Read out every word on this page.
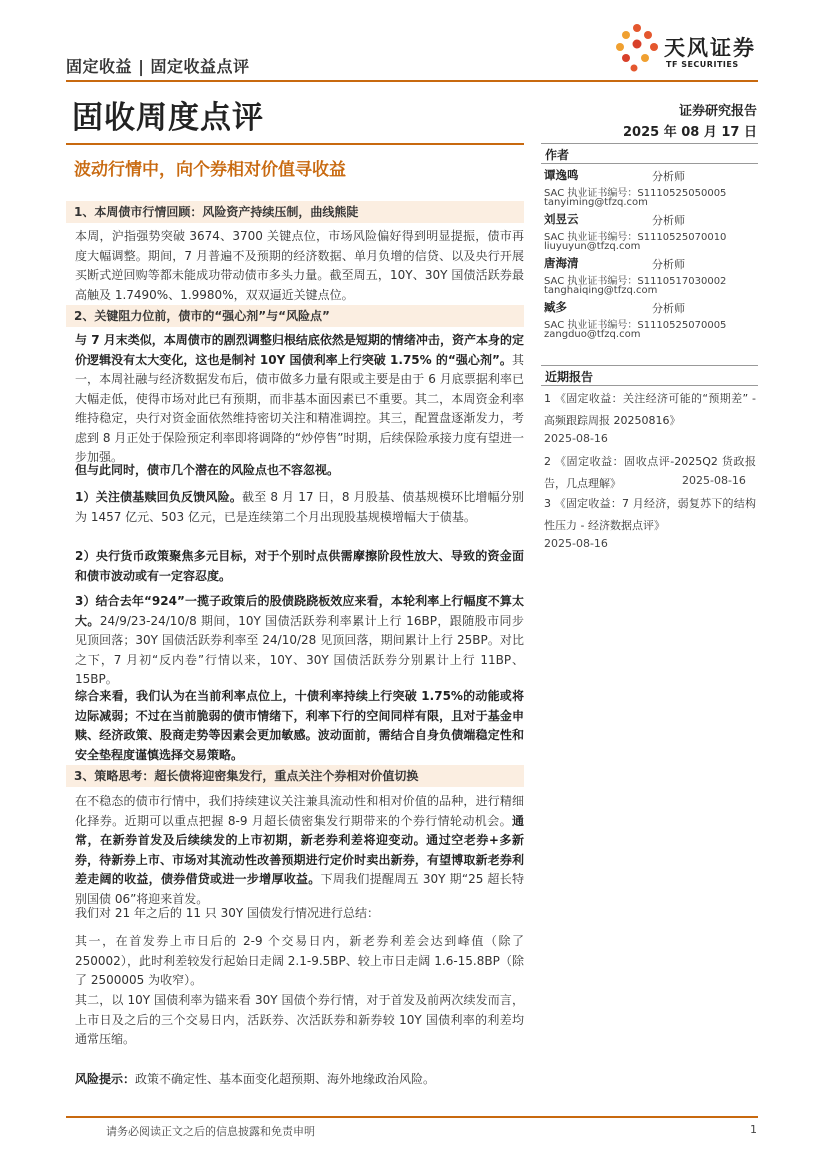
固定收益 | 固定收益点评
天风证券
TF SECURITIES
固收周度点评	证券研究报告
2025 年 08 月 17 日
波动行情中，向个券相对价值寻收益
作者
谭逸鸣	分析师
SAC 执业证书编号：S1110525050005
tanyiming@tfzq.com
刘昱云	分析师
SAC 执业证书编号：S1110525070010
liuyuyun@tfzq.com
唐海清	分析师
SAC 执业证书编号：S1110517030002
tanghaiqing@tfzq.com
臧多	分析师
SAC 执业证书编号：S1110525070005
zangduo@tfzq.com
近期报告
1 《固定收益：关注经济可能的“预期差” - 高频跟踪周报 20250816》
2025-08-16
2 《固定收益：固收点评-2025Q2 货政报告，几点理解》	2025-08-16
3 《固定收益：7 月经济，弱复苏下的结构性压力 - 经济数据点评》
2025-08-16
1、本周债市行情回顾：风险资产持续压制，曲线熊陡

本周，沪指强势突破 3674、3700 关键点位，市场风险偏好得到明显提振，债市再度大幅调整。期间，7 月普遍不及预期的经济数据、单月负增的信贷、以及央行开展买断式逆回购等都未能成功带动债市多头力量。截至周五，10Y、30Y 国债活跃券最高触及 1.7490%、1.9980%，双双逼近关键点位。

2、关键阻力位前，债市的“强心剂”与“风险点”

与 7 月末类似，本周债市的剧烈调整归根结底依然是短期的情绪冲击，资产本身的定价逻辑没有太大变化，这也是制衬 10Y 国债利率上行突破 1.75% 的“强心剂”。其一，本周社融与经济数据发布后，债市做多力量有限或主要是由于 6 月底票据利率已大幅走低，使得市场对此已有预期，而非基本面因素已不重要。其二，本周资金利率维持稳定，央行对资金面依然维持密切关注和精准调控。其三，配置盘逐渐发力，考虑到 8 月正处于保险预定利率即将调降的“炒停售”时期，后续保险承接力度有望进一步加强。

但与此同时，债市几个潜在的风险点也不容忽视。

1）关注债基赎回负反馈风险。截至 8 月 17 日，8 月股基、债基规模环比增幅分别为 1457 亿元、503 亿元，已是连续第二个月出现股基规模增幅大于债基。

2）央行货币政策聚焦多元目标，对于个别时点供需摩擦阶段性放大、导致的资金面和债市波动或有一定容忍度。

3）结合去年“924”一揽子政策后的股债跷跷板效应来看，本轮利率上行幅度不算太大。24/9/23-24/10/8 期间，10Y 国债活跃券利率累计上行 16BP，跟随股市同步见顶回落；30Y 国债活跃券利率至 24/10/28 见顶回落，期间累计上行 25BP。对比之下，7 月初“反内卷”行情以来，10Y、30Y 国债活跃券分别累计上行 11BP、15BP。

综合来看，我们认为在当前利率点位上，十债利率持续上行突破 1.75%的动能或将边际减弱；不过在当前脆弱的债市情绪下，利率下行的空间同样有限，且对于基金申赎、经济政策、股商走势等因素会更加敏感。波动面前，需结合自身负债端稳定性和安全垫程度谨慎选择交易策略。

3、策略思考：超长债将迎密集发行，重点关注个券相对价值切换

在不稳态的债市行情中，我们持续建议关注兼具流动性和相对价值的品种，进行精细化择券。近期可以重点把握 8-9 月超长债密集发行期带来的个券行情轮动机会。通常，在新券首发及后续续发的上市初期，新老券利差将迎变动。通过空老券+多新券，待新券上市、市场对其流动性改善预期进行定价时卖出新券，有望博取新老券利差走阔的收益，债券借贷或进一步增厚收益。下周我们提醒周五 30Y 期“25 超长特别国债 06”将迎来首发。

我们对 21 年之后的 11 只 30Y 国债发行情况进行总结：

其一，在首发券上市日后的 2-9 个交易日内，新老券利差会达到峰值（除了 250002），此时利差较发行起始日走阔 2.1-9.5BP、较上市日走阔 1.6-15.8BP（除了 2500005 为收窄）。

其二，以 10Y 国债利率为锚来看 30Y 国债个券行情，对于首发及前两次续发而言，上市日及之后的三个交易日内，活跃券、次活跃券和新券较 10Y 国债利率的利差均通常压缩。

风险提示：政策不确定性、基本面变化超预期、海外地缘政治风险。

请务必阅读正文之后的信息披露和免责申明	1
